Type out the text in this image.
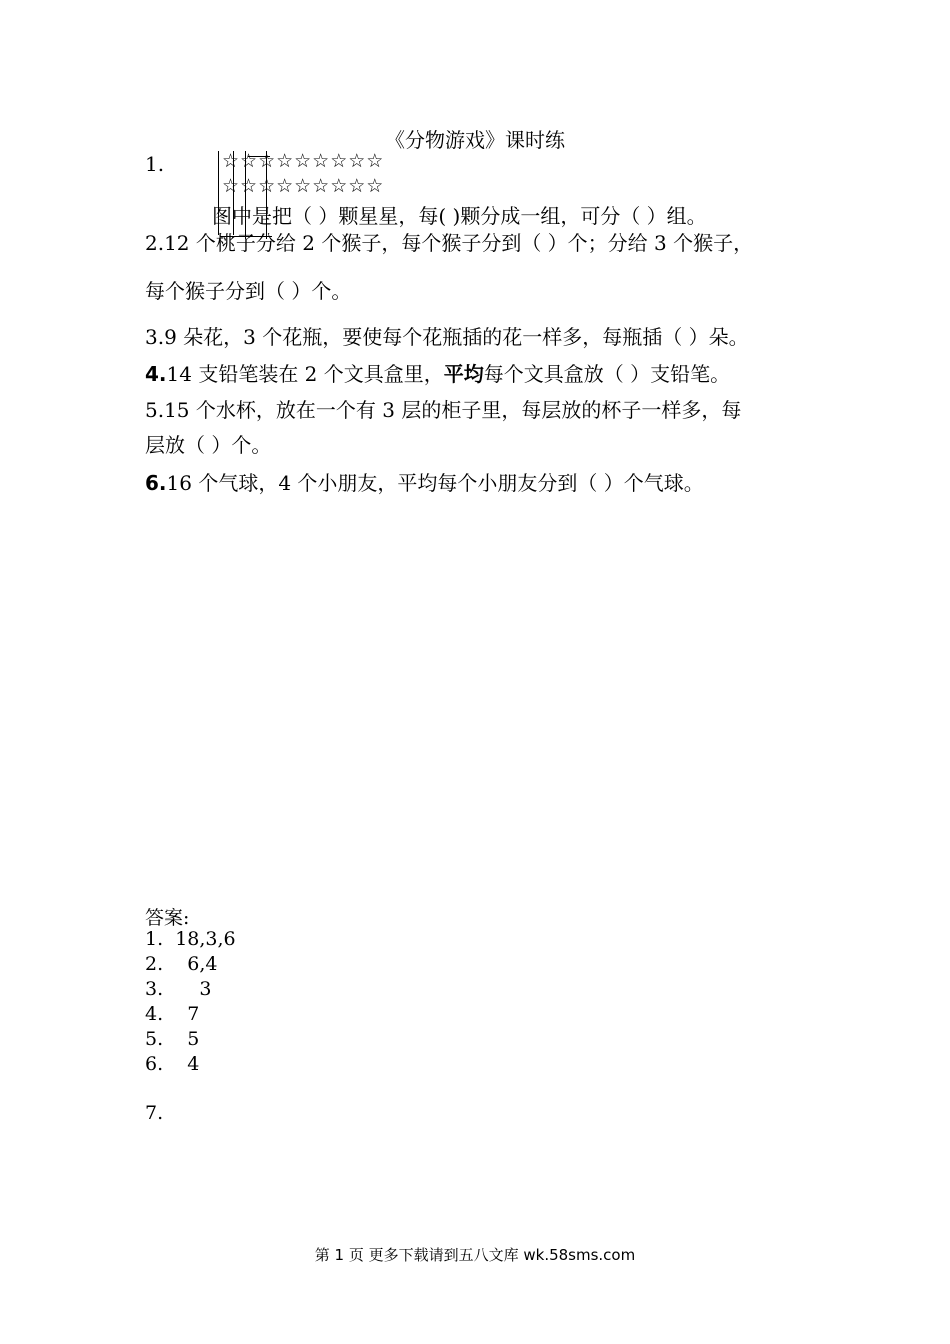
《分物游戏》课时练
1.	☆☆☆☆☆☆☆☆☆
☆☆☆☆☆☆☆☆☆
图中是把（ ）颗星星，每( )颗分成一组，可分（ ）组。
2.12 个桃子分给 2 个猴子，每个猴子分到（ ）个；分给 3 个猴子，
每个猴子分到（ ）个。
3.9 朵花，3 个花瓶，要使每个花瓶插的花一样多，每瓶插（ ）朵。
4.14 支铅笔装在 2 个文具盒里，平均每个文具盒放（ ）支铅笔。
5.15 个水杯，放在一个有 3 层的柜子里，每层放的杯子一样多，每
层放（ ）个。
6.16 个气球，4 个小朋友，平均每个小朋友分到（ ）个气球。
答案:
1.  18,3,6
2.    6,4
3.      3
4.    7
5.    5
6.    4
7.
第 1 页 更多下载请到五八文库 wk.58sms.com
